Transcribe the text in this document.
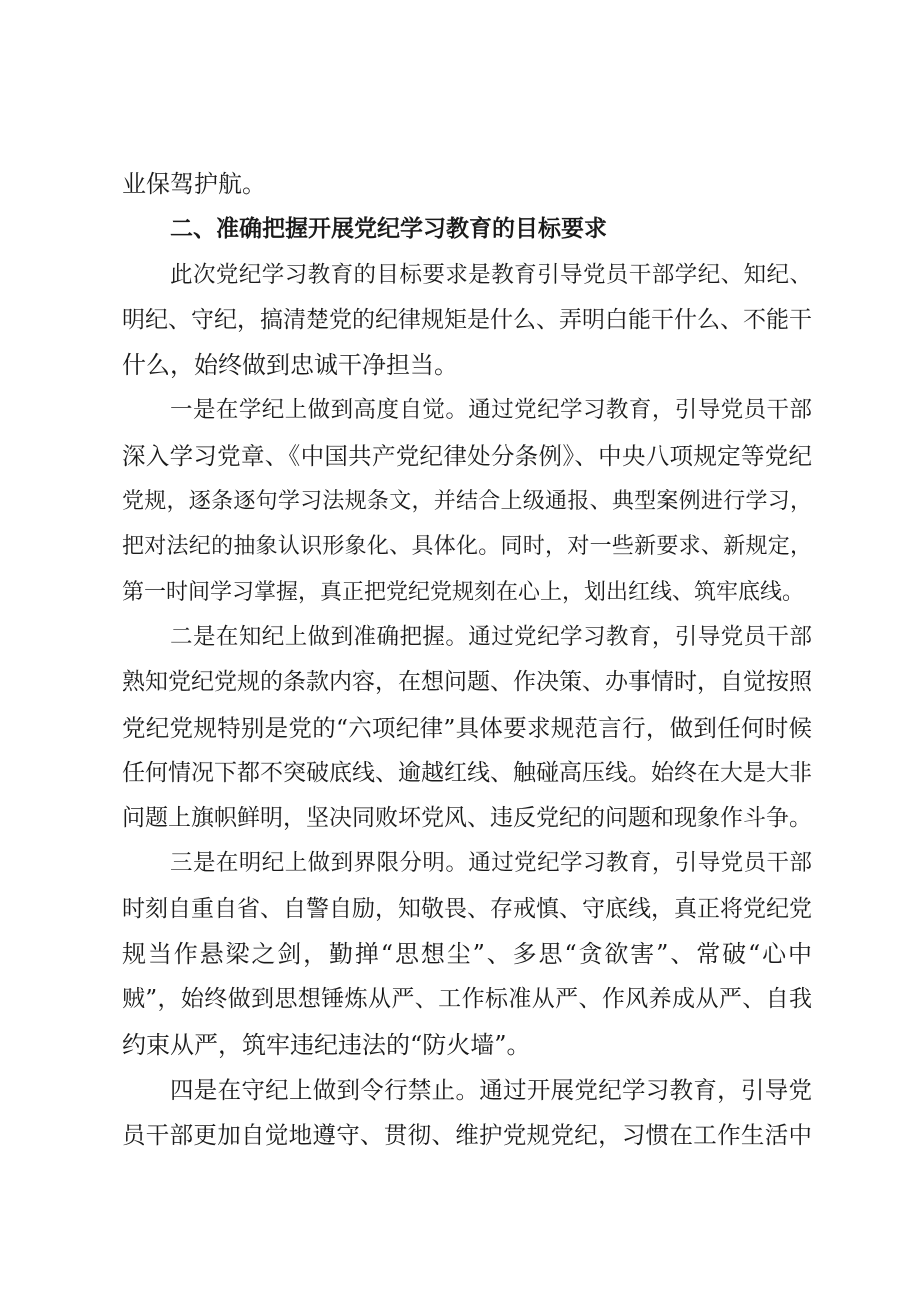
业保驾护航。
二、准确把握开展党纪学习教育的目标要求
此次党纪学习教育的目标要求是教育引导党员干部学纪、知纪、
明纪、守纪，搞清楚党的纪律规矩是什么、弄明白能干什么、不能干
什么，始终做到忠诚干净担当。
一是在学纪上做到高度自觉。通过党纪学习教育，引导党员干部
深入学习党章、《中国共产党纪律处分条例》、中央八项规定等党纪
党规，逐条逐句学习法规条文，并结合上级通报、典型案例进行学习，
把对法纪的抽象认识形象化、具体化。同时，对一些新要求、新规定，
第一时间学习掌握，真正把党纪党规刻在心上，划出红线、筑牢底线。
二是在知纪上做到准确把握。通过党纪学习教育，引导党员干部
熟知党纪党规的条款内容，在想问题、作决策、办事情时，自觉按照
党纪党规特别是党的“六项纪律”具体要求规范言行，做到任何时候
任何情况下都不突破底线、逾越红线、触碰高压线。始终在大是大非
问题上旗帜鲜明，坚决同败坏党风、违反党纪的问题和现象作斗争。
三是在明纪上做到界限分明。通过党纪学习教育，引导党员干部
时刻自重自省、自警自励，知敬畏、存戒慎、守底线，真正将党纪党
规当作悬梁之剑，勤掸“思想尘”、多思“贪欲害”、常破“心中
贼”，始终做到思想锤炼从严、工作标准从严、作风养成从严、自我
约束从严，筑牢违纪违法的“防火墙”。
四是在守纪上做到令行禁止。通过开展党纪学习教育，引导党
员干部更加自觉地遵守、贯彻、维护党规党纪，习惯在工作生活中
